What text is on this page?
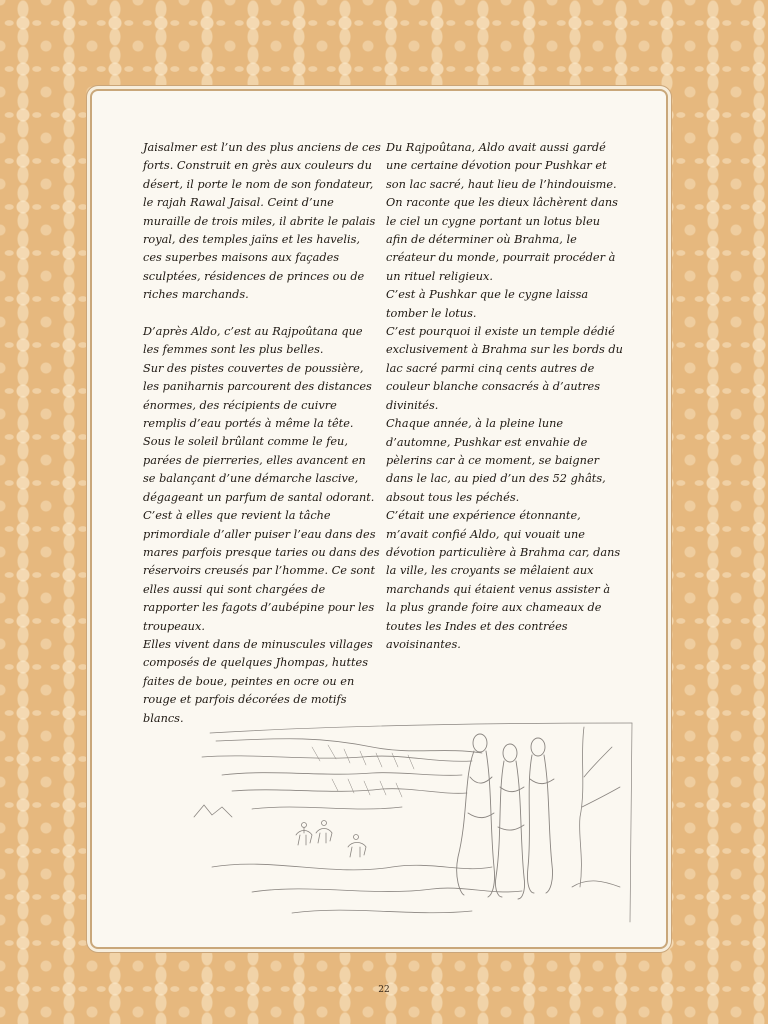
Jaisalmer est l’un des plus anciens de ces forts. Construit en grès aux couleurs du désert, il porte le nom de son fondateur, le rajah Rawal Jaisal. Ceint d’une muraille de trois miles, il abrite le palais royal, des temples jaïns et les havelis, ces superbes maisons aux façades sculptées, résidences de princes ou de riches marchands.

D’après Aldo, c’est au Rajpoûtana que les femmes sont les plus belles.

Sur des pistes couvertes de poussière, les paniharnis parcourent des distances énormes, des récipients de cuivre remplis d’eau portés à même la tête.

Sous le soleil brûlant comme le feu, parées de pierreries, elles avancent en se balançant d’une démarche lascive, dégageant un parfum de santal odorant.

C’est à elles que revient la tâche primordiale d’aller puiser l’eau dans des mares parfois presque taries ou dans des réservoirs creusés par l’homme. Ce sont elles aussi qui sont chargées de rapporter les fagots d’aubépine pour les troupeaux.

Elles vivent dans de minuscules villages composés de quelques Jhompas, huttes faites de boue, peintes en ocre ou en rouge et parfois décorées de motifs blancs.

Du Rajpoûtana, Aldo avait aussi gardé une certaine dévotion pour Pushkar et son lac sacré, haut lieu de l’hindouisme. On raconte que les dieux lâchèrent dans le ciel un cygne portant un lotus bleu afin de déterminer où Brahma, le créateur du monde, pourrait procéder à un rituel religieux.

C’est à Pushkar que le cygne laissa tomber le lotus.

C’est pourquoi il existe un temple dédié exclusivement à Brahma sur les bords du lac sacré parmi cinq cents autres de couleur blanche consacrés à d’autres divinités.

Chaque année, à la pleine lune d’automne, Pushkar est envahie de pèlerins car à ce moment, se baigner dans le lac, au pied d’un des 52 ghâts, absout tous les péchés.

C’était une expérience étonnante, m’avait confié Aldo, qui vouait une dévotion particulière à Brahma car, dans la ville, les croyants se mêlaient aux marchands qui étaient venus assister à la plus grande foire aux chameaux de toutes les Indes et des contrées avoisinantes.

22
